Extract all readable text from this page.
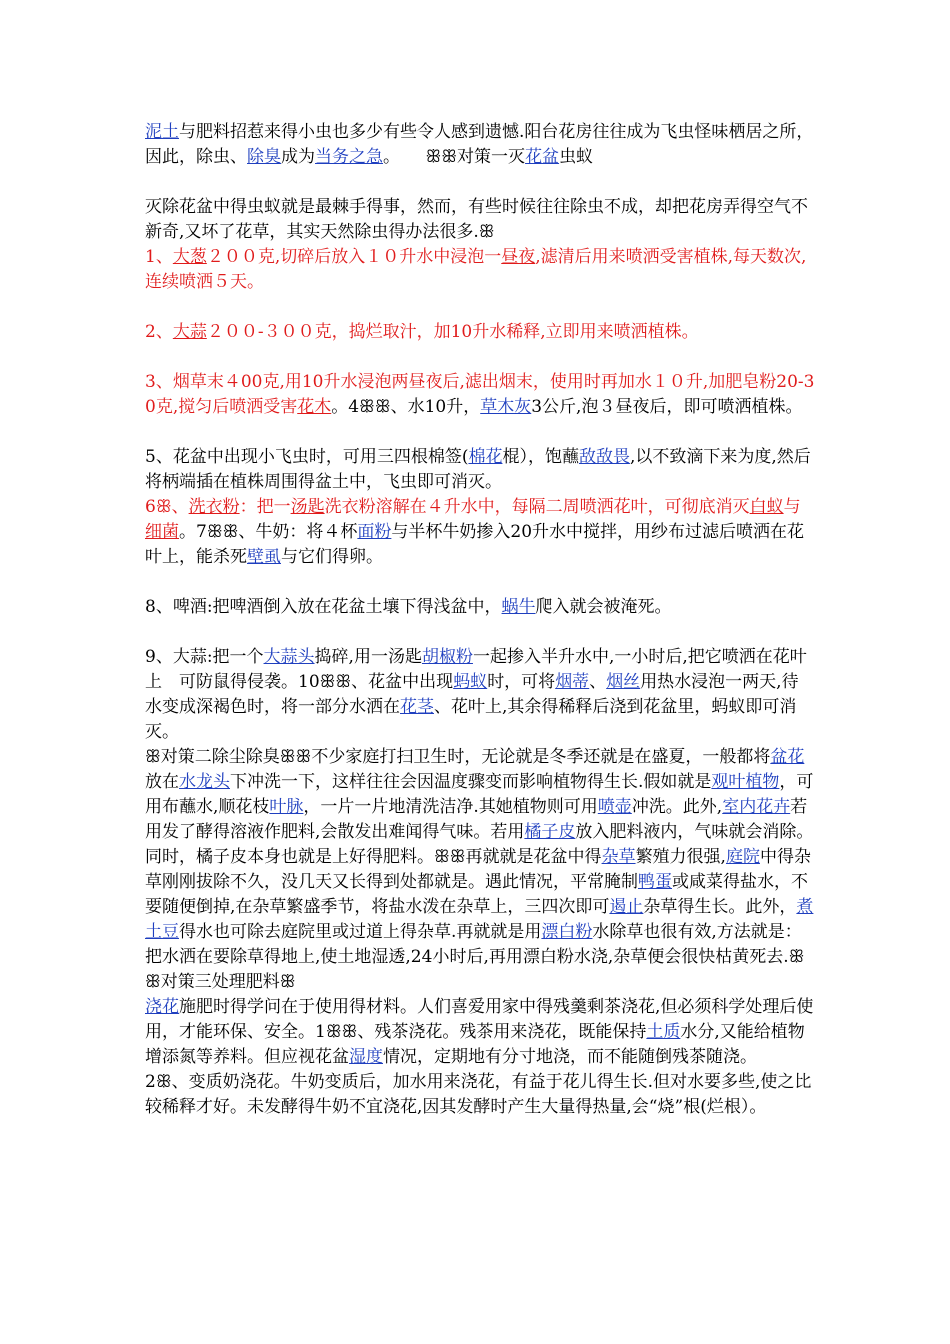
泥土与肥料招惹来得小虫也多少有些令人感到遗憾.阳台花房往往成为飞虫怪味栖居之所，因此，除虫、除臭成为当务之急。　　ꕥꕥ对策一灭花盆虫蚁

灭除花盆中得虫蚁就是最棘手得事，然而，有些时候往往除虫不成，却把花房弄得空气不新奇,又坏了花草，其实天然除虫得办法很多.ꕥ

1、大葱２００克,切碎后放入１０升水中浸泡一昼夜,滤清后用来喷洒受害植株,每天数次,连续喷洒５天。

2、大蒜２００-３００克，捣烂取汁，加10升水稀释,立即用来喷洒植株。

3、烟草末４00克,用10升水浸泡两昼夜后,滤出烟末，使用时再加水１０升,加肥皂粉20-30克,搅匀后喷洒受害花木。4ꕥꕥ、水10升，草木灰3公斤,泡３昼夜后，即可喷洒植株。

5、花盆中出现小飞虫时，可用三四根棉签(棉花棍），饱蘸敌敌畏,以不致滴下来为度,然后将柄端插在植株周围得盆土中，飞虫即可消灭。

6ꕥ、洗衣粉：把一汤匙洗衣粉溶解在４升水中，每隔二周喷洒花叶，可彻底消灭白蚁与细菌。7ꕥꕥ、牛奶：将４杯面粉与半杯牛奶掺入20升水中搅拌，用纱布过滤后喷洒在花叶上，能杀死壁虱与它们得卵。

8、啤酒:把啤酒倒入放在花盆土壤下得浅盆中，蜗牛爬入就会被淹死。

9、大蒜:把一个大蒜头捣碎,用一汤匙胡椒粉一起掺入半升水中,一小时后,把它喷洒在花叶上　可防鼠得侵袭。10ꕥꕥ、花盆中出现蚂蚁时，可将烟蒂、烟丝用热水浸泡一两天,待水变成深褐色时，将一部分水洒在花茎、花叶上,其余得稀释后浇到花盆里，蚂蚁即可消灭。

ꕥ对策二除尘除臭ꕥꕥ不少家庭打扫卫生时，无论就是冬季还就是在盛夏，一般都将盆花放在水龙头下冲洗一下，这样往往会因温度骤变而影响植物得生长.假如就是观叶植物，可用布蘸水,顺花枝叶脉，一片一片地清洗洁净.其她植物则可用喷壶冲洗。此外,室内花卉若用发了酵得溶液作肥料,会散发出难闻得气味。若用橘子皮放入肥料液内，气味就会消除。同时，橘子皮本身也就是上好得肥料。ꕥꕥ再就就是花盆中得杂草繁殖力很强,庭院中得杂草刚刚拔除不久，没几天又长得到处都就是。遇此情况，平常腌制鸭蛋或咸菜得盐水，不要随便倒掉,在杂草繁盛季节，将盐水泼在杂草上，三四次即可遏止杂草得生长。此外，煮土豆得水也可除去庭院里或过道上得杂草.再就就是用漂白粉水除草也很有效,方法就是：把水洒在要除草得地上,使土地湿透,24小时后,再用漂白粉水浇,杂草便会很快枯黄死去.ꕥꕥ对策三处理肥料ꕥ

浇花施肥时得学问在于使用得材料。人们喜爱用家中得残羹剩茶浇花,但必须科学处理后使用，才能环保、安全。1ꕥꕥ、残茶浇花。残茶用来浇花，既能保持土质水分,又能给植物增添氮等养料。但应视花盆湿度情况，定期地有分寸地浇，而不能随倒残茶随浇。

2ꕥ、变质奶浇花。牛奶变质后，加水用来浇花，有益于花儿得生长.但对水要多些,使之比较稀释才好。未发酵得牛奶不宜浇花,因其发酵时产生大量得热量,会“烧”根(烂根）。
